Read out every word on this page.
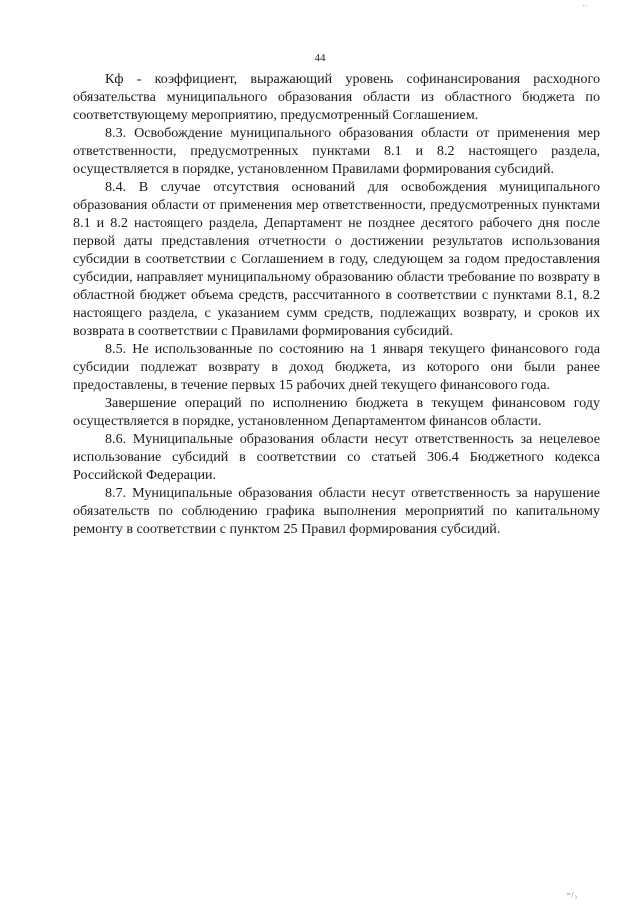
..
44

Кф - коэффициент, выражающий уровень софинансирования расходного обязательства муниципального образования области из областного бюджета по соответствующему мероприятию, предусмотренный Соглашением.

8.3. Освобождение муниципального образования области от применения мер ответственности, предусмотренных пунктами 8.1 и 8.2 настоящего раздела, осуществляется в порядке, установленном Правилами формирования субсидий.

8.4. В случае отсутствия оснований для освобождения муниципального образования области от применения мер ответственности, предусмотренных пунктами 8.1 и 8.2 настоящего раздела, Департамент не позднее десятого рабочего дня после первой даты представления отчетности о достижении результатов использования субсидии в соответствии с Соглашением в году, следующем за годом предоставления субсидии, направляет муниципальному образованию области требование по возврату в областной бюджет объема средств, рассчитанного в соответствии с пунктами 8.1, 8.2 настоящего раздела, с указанием сумм средств, подлежащих возврату, и сроков их возврата в соответствии с Правилами формирования субсидий.

8.5. Не использованные по состоянию на 1 января текущего финансового года субсидии подлежат возврату в доход бюджета, из которого они были ранее предоставлены, в течение первых 15 рабочих дней текущего финансового года.

Завершение операций по исполнению бюджета в текущем финансовом году осуществляется в порядке, установленном Департаментом финансов области.

8.6. Муниципальные образования области несут ответственность за нецелевое использование субсидий в соответствии со статьей 306.4 Бюджетного кодекса Российской Федерации.

8.7. Муниципальные образования области несут ответственность за нарушение обязательств по соблюдению графика выполнения мероприятий по капитальному ремонту в соответствии с пунктом 25 Правил формирования субсидий.

ᵐ/₃
